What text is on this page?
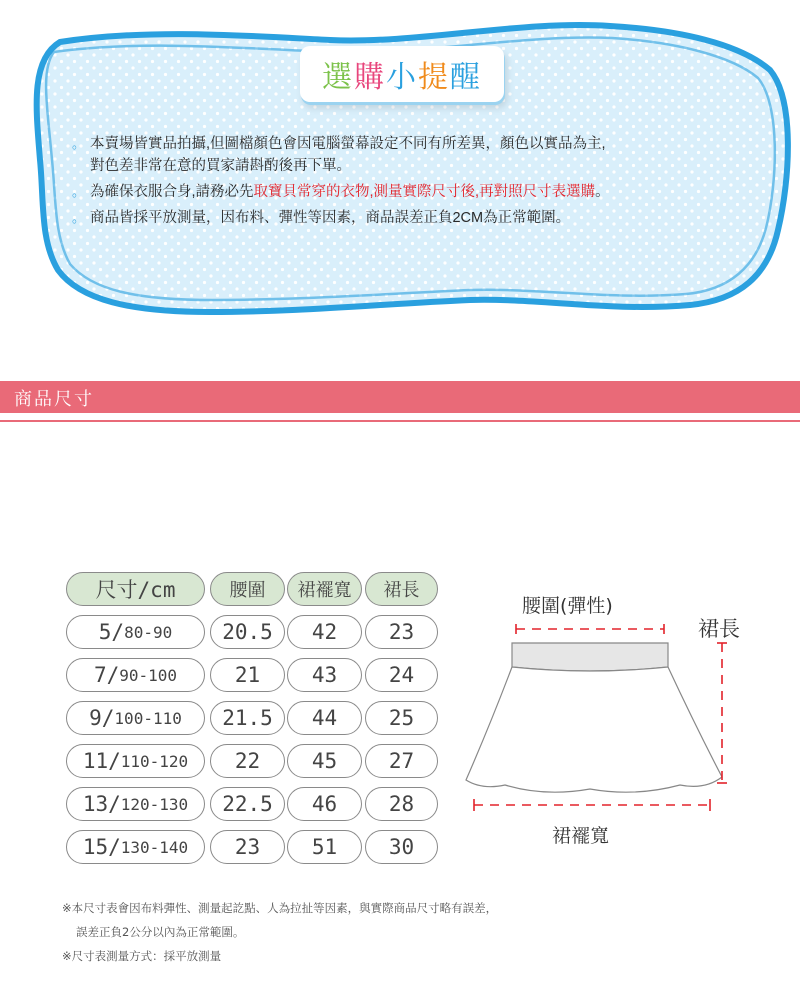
選 購 小 提 醒

。 本賣場皆實品拍攝,但圖檔顏色會因電腦螢幕設定不同有所差異，顏色以實品為主,
對色差非常在意的買家請斟酌後再下單。

。 為確保衣服合身,請務必先取寶貝常穿的衣物,測量實際尺寸後,再對照尺寸表選購。

。 商品皆採平放測量，因布料、彈性等因素，商品誤差正負2CM為正常範圍。

商品尺寸
尺寸/cm	腰圍	裙襬寬	裙長
5/ 80-90	20.5	42	23
7/ 90-100	21	43	24
9/ 100-110	21.5	44	25
11/ 110-120	22	45	27
13/ 120-130	22.5	46	28
15/ 130-140	23	51	30
腰圍(彈性)
裙長
裙襬寬
※本尺寸表會因布料彈性、測量起訖點、人為拉扯等因素，與實際商品尺寸略有誤差，
誤差正負2公分以內為正常範圍。
※尺寸表測量方式：採平放測量
